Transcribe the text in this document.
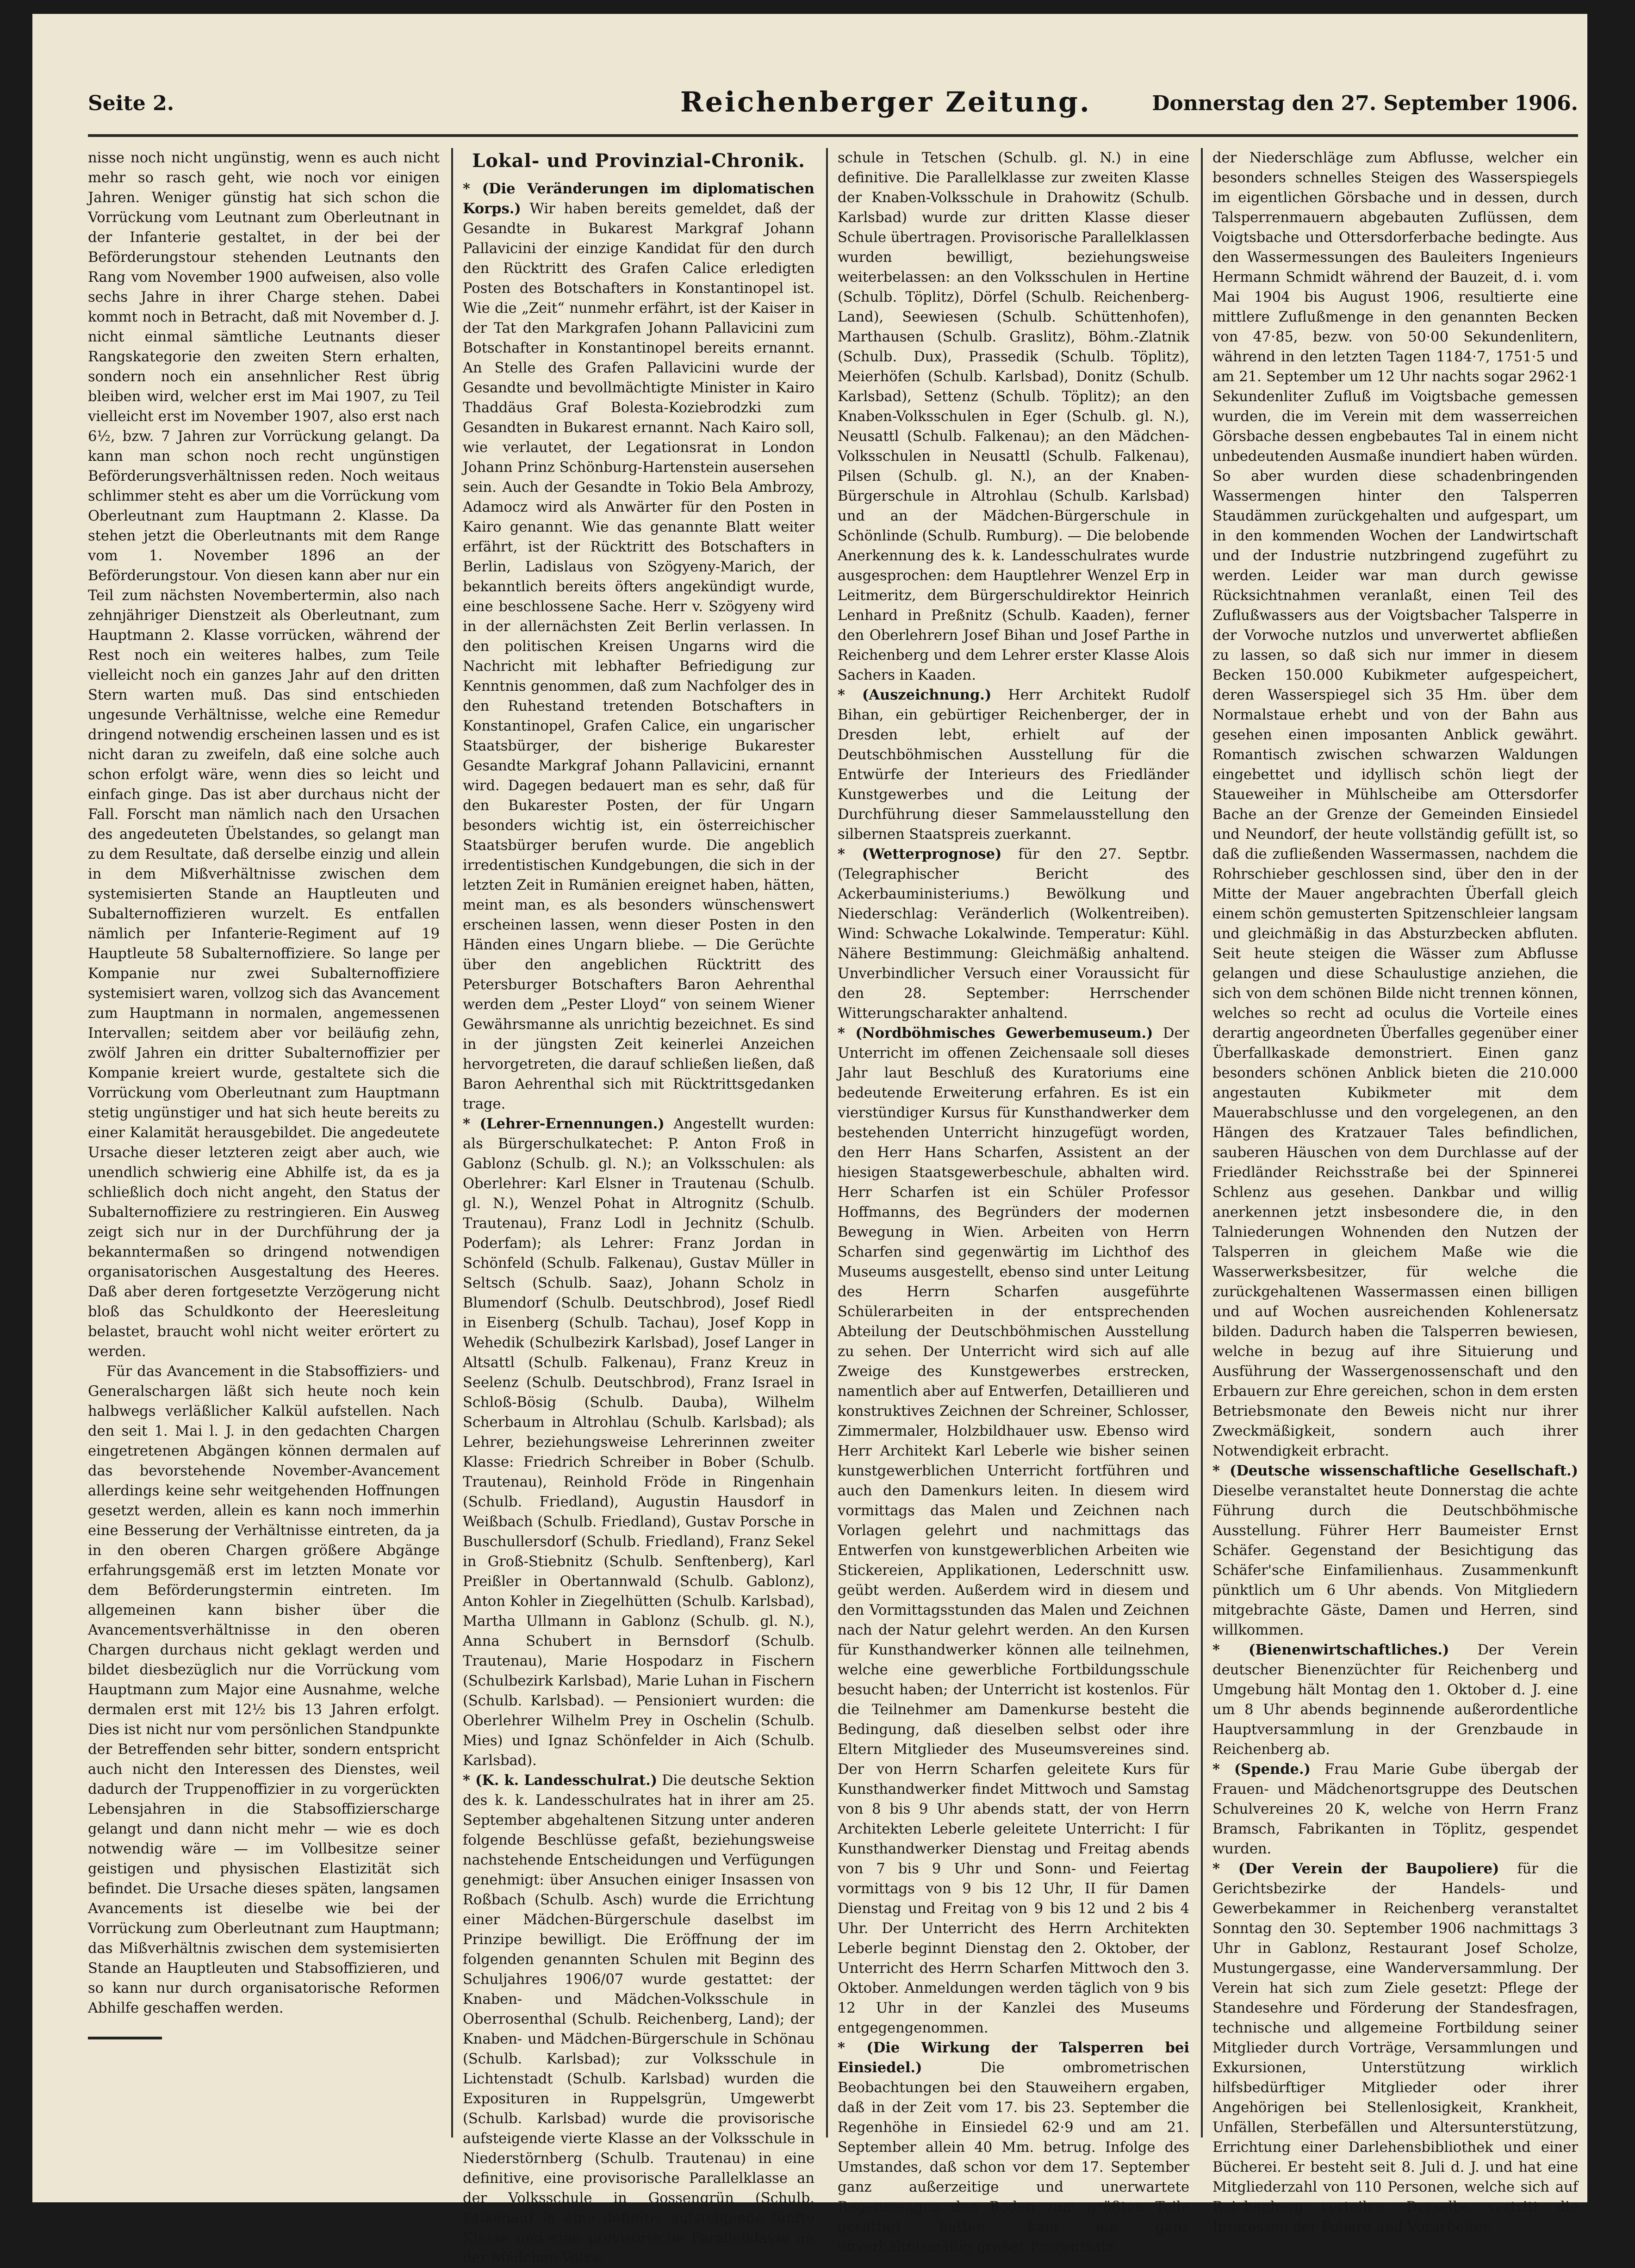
Seite 2.	Reichenberger Zeitung.	Donnerstag den 27. September 1906.

nisse noch nicht ungünstig, wenn es auch nicht mehr so rasch geht, wie noch vor einigen Jahren. Weniger günstig hat sich schon die Vorrückung vom Leutnant zum Oberleutnant in der Infanterie gestaltet, in der bei der Beförderungstour stehenden Leutnants den Rang vom November 1900 aufweisen, also volle sechs Jahre in ihrer Charge stehen. Dabei kommt noch in Betracht, daß mit November d. J. nicht einmal sämtliche Leutnants dieser Rangskategorie den zweiten Stern erhalten, sondern noch ein ansehnlicher Rest übrig bleiben wird, welcher erst im Mai 1907, zu Teil vielleicht erst im November 1907, also erst nach 6½, bzw. 7 Jahren zur Vorrückung gelangt. Da kann man schon noch recht ungünstigen Beförderungsverhältnissen reden. Noch weitaus schlimmer steht es aber um die Vorrückung vom Oberleutnant zum Hauptmann 2. Klasse. Da stehen jetzt die Oberleutnants mit dem Range vom 1. November 1896 an der Beförderungstour. Von diesen kann aber nur ein Teil zum nächsten Novembertermin, also nach zehnjähriger Dienstzeit als Oberleutnant, zum Hauptmann 2. Klasse vorrücken, während der Rest noch ein weiteres halbes, zum Teile vielleicht noch ein ganzes Jahr auf den dritten Stern warten muß. Das sind entschieden ungesunde Verhältnisse, welche eine Remedur dringend notwendig erscheinen lassen und es ist nicht daran zu zweifeln, daß eine solche auch schon erfolgt wäre, wenn dies so leicht und einfach ginge. Das ist aber durchaus nicht der Fall. Forscht man nämlich nach den Ursachen des angedeuteten Übelstandes, so gelangt man zu dem Resultate, daß derselbe einzig und allein in dem Mißverhältnisse zwischen dem systemisierten Stande an Hauptleuten und Subalternoffizieren wurzelt. Es entfallen nämlich per Infanterie-Regiment auf 19 Hauptleute 58 Subalternoffiziere. So lange per Kompanie nur zwei Subalternoffiziere systemisiert waren, vollzog sich das Avancement zum Hauptmann in normalen, angemessenen Intervallen; seitdem aber vor beiläufig zehn, zwölf Jahren ein dritter Subalternoffizier per Kompanie kreiert wurde, gestaltete sich die Vorrückung vom Oberleutnant zum Hauptmann stetig ungünstiger und hat sich heute bereits zu einer Kalamität herausgebildet. Die angedeutete Ursache dieser letzteren zeigt aber auch, wie unendlich schwierig eine Abhilfe ist, da es ja schließlich doch nicht angeht, den Status der Subalternoffiziere zu restringieren. Ein Ausweg zeigt sich nur in der Durchführung der ja bekanntermaßen so dringend notwendigen organisatorischen Ausgestaltung des Heeres. Daß aber deren fortgesetzte Verzögerung nicht bloß das Schuldkonto der Heeresleitung belastet, braucht wohl nicht weiter erörtert zu werden.

Für das Avancement in die Stabsoffiziers- und Generalschargen läßt sich heute noch kein halbwegs verläßlicher Kalkül aufstellen. Nach den seit 1. Mai l. J. in den gedachten Chargen eingetretenen Abgängen können dermalen auf das bevorstehende November-Avancement allerdings keine sehr weitgehenden Hoffnungen gesetzt werden, allein es kann noch immerhin eine Besserung der Verhältnisse eintreten, da ja in den oberen Chargen größere Abgänge erfahrungsgemäß erst im letzten Monate vor dem Beförderungstermin eintreten. Im allgemeinen kann bisher über die Avancementsverhältnisse in den oberen Chargen durchaus nicht geklagt werden und bildet diesbezüglich nur die Vorrückung vom Hauptmann zum Major eine Ausnahme, welche dermalen erst mit 12½ bis 13 Jahren erfolgt. Dies ist nicht nur vom persönlichen Standpunkte der Betreffenden sehr bitter, sondern entspricht auch nicht den Interessen des Dienstes, weil dadurch der Truppenoffizier in zu vorgerückten Lebensjahren in die Stabsoffizierscharge gelangt und dann nicht mehr — wie es doch notwendig wäre — im Vollbesitze seiner geistigen und physischen Elastizität sich befindet. Die Ursache dieses späten, langsamen Avancements ist dieselbe wie bei der Vorrückung zum Oberleutnant zum Hauptmann; das Mißverhältnis zwischen dem systemisierten Stande an Hauptleuten und Stabsoffizieren, und so kann nur durch organisatorische Reformen Abhilfe geschaffen werden.

Lokal- und Provinzial-Chronik.

* (Die Veränderungen im diplomatischen Korps.) Wir haben bereits gemeldet, daß der Gesandte in Bukarest Markgraf Johann Pallavicini der einzige Kandidat für den durch den Rücktritt des Grafen Calice erledigten Posten des Botschafters in Konstantinopel ist. Wie die „Zeit“ nunmehr erfährt, ist der Kaiser in der Tat den Markgrafen Johann Pallavicini zum Botschafter in Konstantinopel bereits ernannt. An Stelle des Grafen Pallavicini wurde der Gesandte und bevollmächtigte Minister in Kairo Thaddäus Graf Bolesta-Koziebrodzki zum Gesandten in Bukarest ernannt. Nach Kairo soll, wie verlautet, der Legationsrat in London Johann Prinz Schönburg-Hartenstein ausersehen sein. Auch der Gesandte in Tokio Bela Ambrozy, Adamocz wird als Anwärter für den Posten in Kairo genannt. Wie das genannte Blatt weiter erfährt, ist der Rücktritt des Botschafters in Berlin, Ladislaus von Szögyeny-Marich, der bekanntlich bereits öfters angekündigt wurde, eine beschlossene Sache. Herr v. Szögyeny wird in der allernächsten Zeit Berlin verlassen. In den politischen Kreisen Ungarns wird die Nachricht mit lebhafter Befriedigung zur Kenntnis genommen, daß zum Nachfolger des in den Ruhestand tretenden Botschafters in Konstantinopel, Grafen Calice, ein ungarischer Staatsbürger, der bisherige Bukarester Gesandte Markgraf Johann Pallavicini, ernannt wird. Dagegen bedauert man es sehr, daß für den Bukarester Posten, der für Ungarn besonders wichtig ist, ein österreichischer Staatsbürger berufen wurde. Die angeblich irredentistischen Kundgebungen, die sich in der letzten Zeit in Rumänien ereignet haben, hätten, meint man, es als besonders wünschenswert erscheinen lassen, wenn dieser Posten in den Händen eines Ungarn bliebe. — Die Gerüchte über den angeblichen Rücktritt des Petersburger Botschafters Baron Aehrenthal werden dem „Pester Lloyd“ von seinem Wiener Gewährsmanne als unrichtig bezeichnet. Es sind in der jüngsten Zeit keinerlei Anzeichen hervorgetreten, die darauf schließen ließen, daß Baron Aehrenthal sich mit Rücktrittsgedanken trage.

* (Lehrer-Ernennungen.) Angestellt wurden: als Bürgerschulkatechet: P. Anton Froß in Gablonz (Schulb. gl. N.); an Volksschulen: als Oberlehrer: Karl Elsner in Trautenau (Schulb. gl. N.), Wenzel Pohat in Altrognitz (Schulb. Trautenau), Franz Lodl in Jechnitz (Schulb. Poderfam); als Lehrer: Franz Jordan in Schönfeld (Schulb. Falkenau), Gustav Müller in Seltsch (Schulb. Saaz), Johann Scholz in Blumendorf (Schulb. Deutschbrod), Josef Riedl in Eisenberg (Schulb. Tachau), Josef Kopp in Wehedik (Schulbezirk Karlsbad), Josef Langer in Altsattl (Schulb. Falkenau), Franz Kreuz in Seelenz (Schulb. Deutschbrod), Franz Israel in Schloß-Bösig (Schulb. Dauba), Wilhelm Scherbaum in Altrohlau (Schulb. Karlsbad); als Lehrer, beziehungsweise Lehrerinnen zweiter Klasse: Friedrich Schreiber in Bober (Schulb. Trautenau), Reinhold Fröde in Ringenhain (Schulb. Friedland), Augustin Hausdorf in Weißbach (Schulb. Friedland), Gustav Porsche in Buschullersdorf (Schulb. Friedland), Franz Sekel in Groß-Stiebnitz (Schulb. Senftenberg), Karl Preißler in Obertannwald (Schulb. Gablonz), Anton Kohler in Ziegelhütten (Schulb. Karlsbad), Martha Ullmann in Gablonz (Schulb. gl. N.), Anna Schubert in Bernsdorf (Schulb. Trautenau), Marie Hospodarz in Fischern (Schulbezirk Karlsbad), Marie Luhan in Fischern (Schulb. Karlsbad). — Pensioniert wurden: die Oberlehrer Wilhelm Prey in Oschelin (Schulb. Mies) und Ignaz Schönfelder in Aich (Schulb. Karlsbad).

* (K. k. Landesschulrat.) Die deutsche Sektion des k. k. Landesschulrates hat in ihrer am 25. September abgehaltenen Sitzung unter anderen folgende Beschlüsse gefaßt, beziehungsweise nachstehende Entscheidungen und Verfügungen genehmigt: über Ansuchen einiger Insassen von Roßbach (Schulb. Asch) wurde die Errichtung einer Mädchen-Bürgerschule daselbst im Prinzipe bewilligt. Die Eröffnung der im folgenden genannten Schulen mit Beginn des Schuljahres 1906/07 wurde gestattet: der Knaben- und Mädchen-Volksschule in Oberrosenthal (Schulb. Reichenberg, Land); der Knaben- und Mädchen-Bürgerschule in Schönau (Schulb. Karlsbad); zur Volksschule in Lichtenstadt (Schulb. Karlsbad) wurden die Exposituren in Ruppelsgrün, Umgewerbt (Schulb. Karlsbad) wurde die provisorische aufsteigende vierte Klasse an der Volksschule in Niederstörnberg (Schulb. Trautenau) in eine definitive, eine provisorische Parallelklasse an der Volksschule in Gossengrün (Schulb. Falkenau) in eine definitiv aufsteigende fünfte Klasse und eine provisorische Parallelklasse an der Mädchen-Volks-

schule in Tetschen (Schulb. gl. N.) in eine definitive. Die Parallelklasse zur zweiten Klasse der Knaben-Volksschule in Drahowitz (Schulb. Karlsbad) wurde zur dritten Klasse dieser Schule übertragen. Provisorische Parallelklassen wurden bewilligt, beziehungsweise weiterbelassen: an den Volksschulen in Hertine (Schulb. Töplitz), Dörfel (Schulb. Reichenberg-Land), Seewiesen (Schulb. Schüttenhofen), Marthausen (Schulb. Graslitz), Böhm.-Zlatnik (Schulb. Dux), Prassedik (Schulb. Töplitz), Meierhöfen (Schulb. Karlsbad), Donitz (Schulb. Karlsbad), Settenz (Schulb. Töplitz); an den Knaben-Volksschulen in Eger (Schulb. gl. N.), Neusattl (Schulb. Falkenau); an den Mädchen-Volksschulen in Neusattl (Schulb. Falkenau), Pilsen (Schulb. gl. N.), an der Knaben-Bürgerschule in Altrohlau (Schulb. Karlsbad) und an der Mädchen-Bürgerschule in Schönlinde (Schulb. Rumburg). — Die belobende Anerkennung des k. k. Landesschulrates wurde ausgesprochen: dem Hauptlehrer Wenzel Erp in Leitmeritz, dem Bürgerschuldirektor Heinrich Lenhard in Preßnitz (Schulb. Kaaden), ferner den Oberlehrern Josef Bihan und Josef Parthe in Reichenberg und dem Lehrer erster Klasse Alois Sachers in Kaaden.

* (Auszeichnung.) Herr Architekt Rudolf Bihan, ein gebürtiger Reichenberger, der in Dresden lebt, erhielt auf der Deutschböhmischen Ausstellung für die Entwürfe der Interieurs des Friedländer Kunstgewerbes und die Leitung der Durchführung dieser Sammelausstellung den silbernen Staatspreis zuerkannt.

* (Wetterprognose) für den 27. Septbr. (Telegraphischer Bericht des Ackerbauministeriums.) Bewölkung und Niederschlag: Veränderlich (Wolkentreiben). Wind: Schwache Lokalwinde. Temperatur: Kühl. Nähere Bestimmung: Gleichmäßig anhaltend. Unverbindlicher Versuch einer Voraussicht für den 28. September: Herrschender Witterungscharakter anhaltend.

* (Nordböhmisches Gewerbemuseum.) Der Unterricht im offenen Zeichensaale soll dieses Jahr laut Beschluß des Kuratoriums eine bedeutende Erweiterung erfahren. Es ist ein vierstündiger Kursus für Kunsthandwerker dem bestehenden Unterricht hinzugefügt worden, den Herr Hans Scharfen, Assistent an der hiesigen Staatsgewerbeschule, abhalten wird. Herr Scharfen ist ein Schüler Professor Hoffmanns, des Begründers der modernen Bewegung in Wien. Arbeiten von Herrn Scharfen sind gegenwärtig im Lichthof des Museums ausgestellt, ebenso sind unter Leitung des Herrn Scharfen ausgeführte Schülerarbeiten in der entsprechenden Abteilung der Deutschböhmischen Ausstellung zu sehen. Der Unterricht wird sich auf alle Zweige des Kunstgewerbes erstrecken, namentlich aber auf Entwerfen, Detaillieren und konstruktives Zeichnen der Schreiner, Schlosser, Zimmermaler, Holzbildhauer usw. Ebenso wird Herr Architekt Karl Leberle wie bisher seinen kunstgewerblichen Unterricht fortführen und auch den Damenkurs leiten. In diesem wird vormittags das Malen und Zeichnen nach Vorlagen gelehrt und nachmittags das Entwerfen von kunstgewerblichen Arbeiten wie Stickereien, Applikationen, Lederschnitt usw. geübt werden. Außerdem wird in diesem und den Vormittagsstunden das Malen und Zeichnen nach der Natur gelehrt werden. An den Kursen für Kunsthandwerker können alle teilnehmen, welche eine gewerbliche Fortbildungsschule besucht haben; der Unterricht ist kostenlos. Für die Teilnehmer am Damenkurse besteht die Bedingung, daß dieselben selbst oder ihre Eltern Mitglieder des Museumsvereines sind. Der von Herrn Scharfen geleitete Kurs für Kunsthandwerker findet Mittwoch und Samstag von 8 bis 9 Uhr abends statt, der von Herrn Architekten Leberle geleitete Unterricht: I für Kunsthandwerker Dienstag und Freitag abends von 7 bis 9 Uhr und Sonn- und Feiertag vormittags von 9 bis 12 Uhr, II für Damen Dienstag und Freitag von 9 bis 12 und 2 bis 4 Uhr. Der Unterricht des Herrn Architekten Leberle beginnt Dienstag den 2. Oktober, der Unterricht des Herrn Scharfen Mittwoch den 3. Oktober. Anmeldungen werden täglich von 9 bis 12 Uhr in der Kanzlei des Museums entgegengenommen.

* (Die Wirkung der Talsperren bei Einsiedel.)	Die ombrometrischen Beobachtungen bei den Stauweihern ergaben, daß in der Zeit vom 17. bis 23. September die Regenhöhe in Einsiedel 62·9 und am 21. September allein 40 Mm. betrug. Infolge des Umstandes, daß schon vor dem 17. September ganz außerzeitige und unerwartete Regenmengen den Boden zum größten Teile gesättigt hatten, kam ein ganz unverhältnismäßig großer Prozentsatz

der Niederschläge zum Abflusse, welcher ein besonders schnelles Steigen des Wasserspiegels im eigentlichen Görsbache und in dessen, durch Talsperrenmauern abgebauten Zuflüssen, dem Voigtsbache und Ottersdorferbache bedingte. Aus den Wassermessungen des Bauleiters Ingenieurs Hermann Schmidt während der Bauzeit, d. i. vom Mai 1904 bis August 1906, resultierte eine mittlere Zuflußmenge in den genannten Becken von 47·85, bezw. von 50·00 Sekundenlitern, während in den letzten Tagen 1184·7, 1751·5 und am 21. September um 12 Uhr nachts sogar 2962·1 Sekundenliter Zufluß im Voigtsbache gemessen wurden, die im Verein mit dem wasserreichen Görsbache dessen engbebautes Tal in einem nicht unbedeutenden Ausmaße inundiert haben würden. So aber wurden diese schadenbringenden Wassermengen hinter den Talsperren Staudämmen zurückgehalten und aufgespart, um in den kommenden Wochen der Landwirtschaft und der Industrie nutzbringend zugeführt zu werden. Leider war man durch gewisse Rücksichtnahmen veranlaßt, einen Teil des Zuflußwassers aus der Voigtsbacher Talsperre in der Vorwoche nutzlos und unverwertet abfließen zu lassen, so daß sich nur immer in diesem Becken 150.000 Kubikmeter aufgespeichert, deren Wasserspiegel sich 35 Hm. über dem Normalstaue erhebt und von der Bahn aus gesehen einen imposanten Anblick gewährt. Romantisch zwischen schwarzen Waldungen eingebettet und idyllisch schön liegt der Staueweiher in Mühlscheibe am Ottersdorfer Bache an der Grenze der Gemeinden Einsiedel und Neundorf, der heute vollständig gefüllt ist, so daß die zufließenden Wassermassen, nachdem die Rohrschieber geschlossen sind, über den in der Mitte der Mauer angebrachten Überfall gleich einem schön gemusterten Spitzenschleier langsam und gleichmäßig in das Absturzbecken abfluten. Seit heute steigen die Wässer zum Abflusse gelangen und diese Schaulustige anziehen, die sich von dem schönen Bilde nicht trennen können, welches so recht ad oculus die Vorteile eines derartig angeordneten Überfalles gegenüber einer Überfallkaskade demonstriert. Einen ganz besonders schönen Anblick bieten die 210.000 angestauten Kubikmeter mit dem Mauerabschlusse und den vorgelegenen, an den Hängen des Kratzauer Tales befindlichen, sauberen Häuschen von dem Durchlasse auf der Friedländer Reichsstraße bei der Spinnerei Schlenz aus gesehen. Dankbar und willig anerkennen jetzt insbesondere die, in den Talniederungen Wohnenden den Nutzen der Talsperren in gleichem Maße wie die Wasserwerksbesitzer, für welche die zurückgehaltenen Wassermassen einen billigen und auf Wochen ausreichenden Kohlenersatz bilden. Dadurch haben die Talsperren bewiesen, welche in bezug auf ihre Situierung und Ausführung der Wassergenossenschaft und den Erbauern zur Ehre gereichen, schon in dem ersten Betriebsmonate den Beweis nicht nur ihrer Zweckmäßigkeit, sondern auch ihrer Notwendigkeit erbracht.

* (Deutsche wissenschaftliche Gesellschaft.) Dieselbe veranstaltet heute Donnerstag die achte Führung durch die Deutschböhmische Ausstellung. Führer Herr Baumeister Ernst Schäfer. Gegenstand der Besichtigung das Schäfer'sche Einfamilienhaus. Zusammenkunft pünktlich um 6 Uhr abends. Von Mitgliedern mitgebrachte Gäste, Damen und Herren, sind willkommen.

* (Bienenwirtschaftliches.) Der Verein deutscher Bienenzüchter für Reichenberg und Umgebung hält Montag den 1. Oktober d. J. eine um 8 Uhr abends beginnende außerordentliche Hauptversammlung in der Grenzbaude in Reichenberg ab.

* (Spende.) Frau Marie Gube übergab der Frauen- und Mädchenortsgruppe des Deutschen Schulvereines 20 K, welche von Herrn Franz Bramsch, Fabrikanten in Töplitz, gespendet wurden.

* (Der Verein der Baupoliere) für die Gerichtsbezirke der Handels- und Gewerbekammer in Reichenberg veranstaltet Sonntag den 30. September 1906 nachmittags 3 Uhr in Gablonz, Restaurant Josef Scholze, Mustungergasse, eine Wanderversammlung. Der Verein hat sich zum Ziele gesetzt: Pflege der Standesehre und Förderung der Standesfragen, technische und allgemeine Fortbildung seiner Mitglieder durch Vorträge, Versammlungen und Exkursionen, Unterstützung wirklich hilfsbedürftiger Mitglieder oder ihrer Angehörigen bei Stellenlosigkeit, Krankheit, Unfällen, Sterbefällen und Altersunterstützung, Errichtung einer Darlehensbibliothek und einer Bücherei. Er besteht seit 8. Juli d. J. und hat eine Mitgliederzahl von 110 Personen, welche sich auf Reichenberg verteilen. Derselbe vertritt die Interessen der Poliere und Vorarbeiter.
